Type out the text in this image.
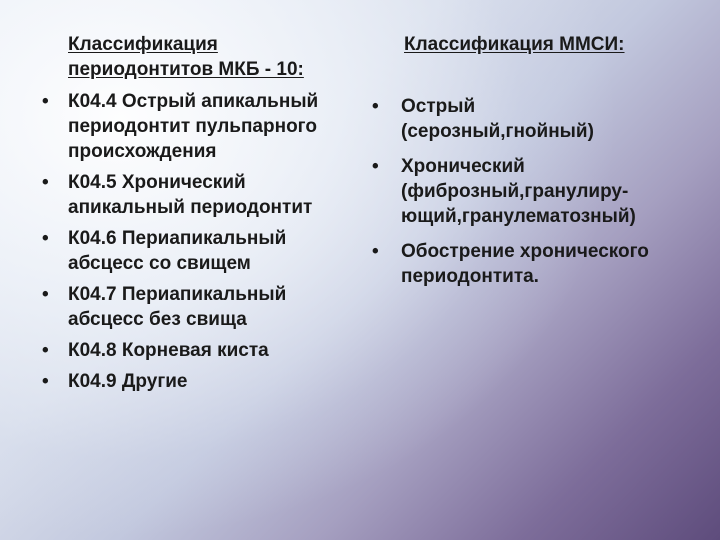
Классификация
периодонтитов МКБ - 10:
•	К04.4 Острый апикальный
периодонтит пульпарного
происхождения
•	К04.5 Хронический
апикальный периодонтит
•	К04.6 Периапикальный
абсцесс со свищем
•	К04.7 Периапикальный
абсцесс без свища
•	К04.8 Корневая киста
•	К04.9 Другие
Классификация ММСИ:
•	Острый
(серозный,гнойный)
•	Хронический
(фиброзный,гранулиру-
ющий,гранулематозный)
•	Обострение хронического
периодонтита.
